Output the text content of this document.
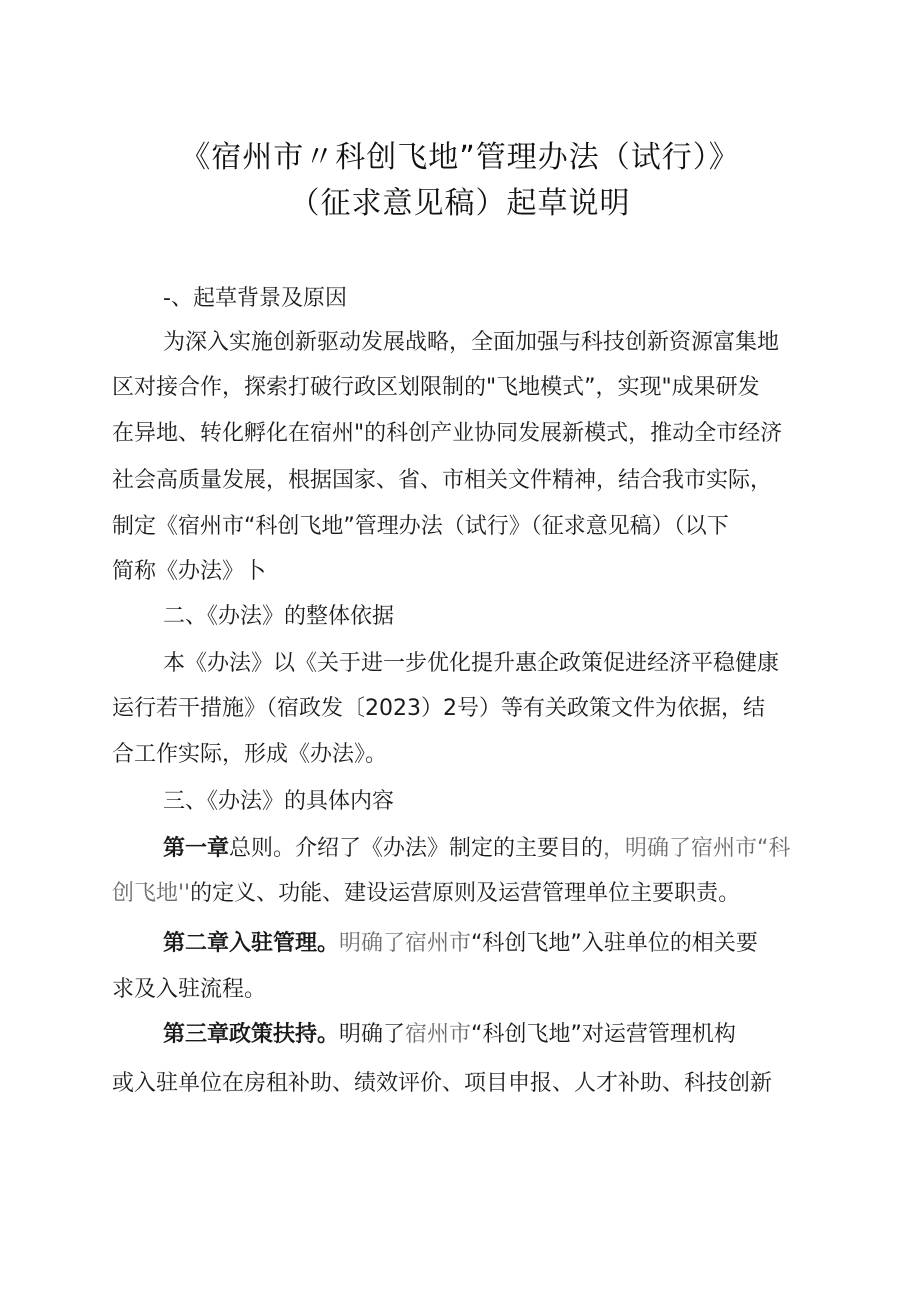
《宿州市〃科创飞地”管理办法（试行）》
（征求意见稿）起草说明
-、起草背景及原因
为深入实施创新驱动发展战略，全面加强与科技创新资源富集地
区对接合作，探索打破行政区划限制的"飞地模式”，实现"成果研发
在异地、转化孵化在宿州"的科创产业协同发展新模式，推动全市经济
社会高质量发展，根据国家、省、市相关文件精神，结合我市实际，
制定《宿州市“科创飞地”管理办法（试行》（征求意见稿）（以下
简称《办法》卜
二、《办法》的整体依据
本《办法》以《关于进一步优化提升惠企政策促进经济平稳健康
运行若干措施》（宿政发〔2023）2号）等有关政策文件为依据，结
合工作实际，形成《办法》。
三、《办法》的具体内容
第一章总则。介绍了《办法》制定的主要目的，明确了宿州市“科
创飞地''的定义、功能、建设运营原则及运营管理单位主要职责。
第二章入驻管理。明确了宿州市“科创飞地”入驻单位的相关要
求及入驻流程。
第三章政策扶持。明确了宿州市“科创飞地”对运营管理机构
或入驻单位在房租补助、绩效评价、项目申报、人才补助、科技创新
